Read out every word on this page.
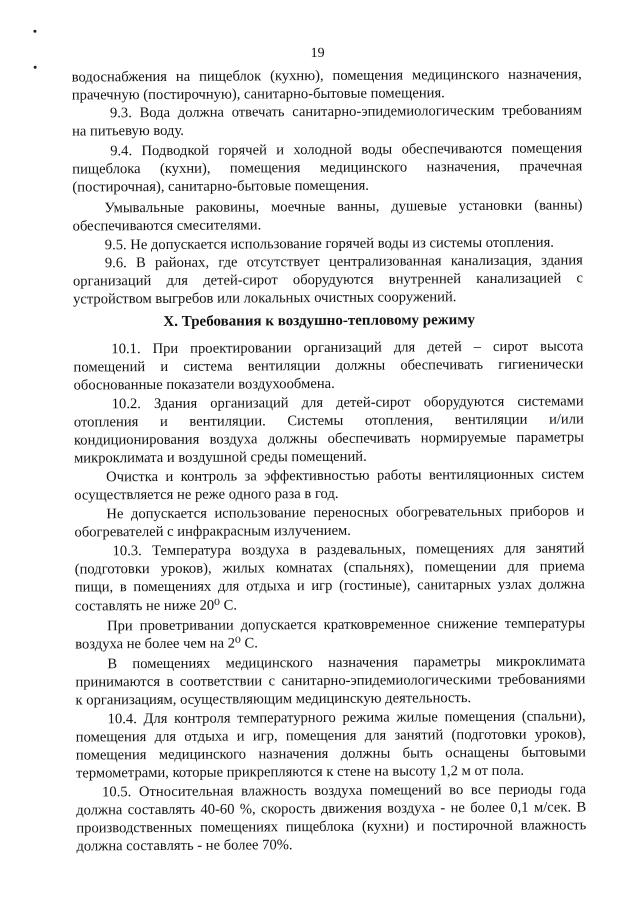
19
водоснабжения на пищеблок (кухню), помещения медицинского назначения,
прачечную (постирочную), санитарно-бытовые помещения.
9.3. Вода должна отвечать санитарно-эпидемиологическим требованиям
на питьевую воду.
9.4. Подводкой горячей и холодной воды обеспечиваются помещения
пищеблока (кухни), помещения медицинского назначения, прачечная
(постирочная), санитарно-бытовые помещения.
Умывальные раковины, моечные ванны, душевые установки (ванны)
обеспечиваются смесителями.
9.5. Не допускается использование горячей воды из системы отопления.
9.6. В районах, где отсутствует централизованная канализация, здания
организаций для детей-сирот оборудуются внутренней канализацией с
устройством выгребов или локальных очистных сооружений.
X. Требования к воздушно-тепловому режиму
10.1. При проектировании организаций для детей – сирот высота
помещений и система вентиляции должны обеспечивать гигиенически
обоснованные показатели воздухообмена.
10.2. Здания организаций для детей-сирот оборудуются системами
отопления и вентиляции. Системы отопления, вентиляции и/или
кондиционирования воздуха должны обеспечивать нормируемые параметры
микроклимата и воздушной среды помещений.
Очистка и контроль за эффективностью работы вентиляционных систем
осуществляется не реже одного раза в год.
Не допускается использование переносных обогревательных приборов и
обогревателей с инфракрасным излучением.
10.3. Температура воздуха в раздевальных, помещениях для занятий
(подготовки уроков), жилых комнатах (спальнях), помещении для приема
пищи, в помещениях для отдыха и игр (гостиные), санитарных узлах должна
составлять не ниже 20⁰ С.
При проветривании допускается кратковременное снижение температуры
воздуха не более чем на 2⁰ С.
В помещениях медицинского назначения параметры микроклимата
принимаются в соответствии с санитарно-эпидемиологическими требованиями
к организациям, осуществляющим медицинскую деятельность.
10.4. Для контроля температурного режима жилые помещения (спальни),
помещения для отдыха и игр, помещения для занятий (подготовки уроков),
помещения медицинского назначения должны быть оснащены бытовыми
термометрами, которые прикрепляются к стене на высоту 1,2 м от пола.
10.5. Относительная влажность воздуха помещений во все периоды года
должна составлять 40-60 %, скорость движения воздуха - не более 0,1 м/сек. В
производственных помещениях пищеблока (кухни) и постирочной влажность
должна составлять - не более 70%.
